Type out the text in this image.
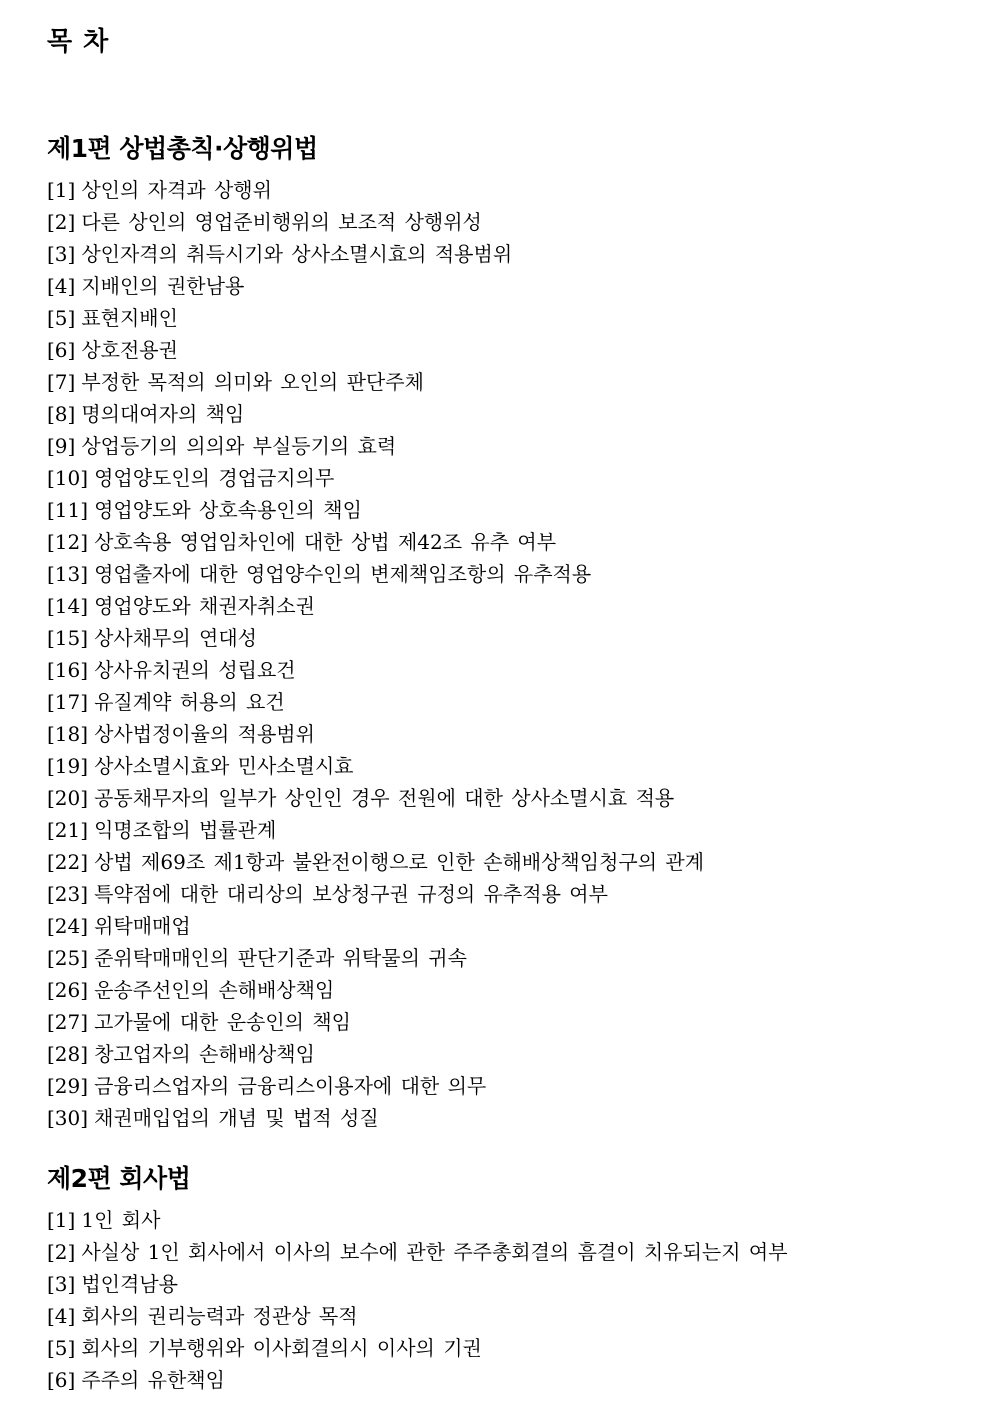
목 차
제1편 상법총칙·상행위법
[1] 상인의 자격과 상행위
[2] 다른 상인의 영업준비행위의 보조적 상행위성
[3] 상인자격의 취득시기와 상사소멸시효의 적용범위
[4] 지배인의 권한남용
[5] 표현지배인
[6] 상호전용권
[7] 부정한 목적의 의미와 오인의 판단주체
[8] 명의대여자의 책임
[9] 상업등기의 의의와 부실등기의 효력
[10] 영업양도인의 경업금지의무
[11] 영업양도와 상호속용인의 책임
[12] 상호속용 영업임차인에 대한 상법 제42조 유추 여부
[13] 영업출자에 대한 영업양수인의 변제책임조항의 유추적용
[14] 영업양도와 채권자취소권
[15] 상사채무의 연대성
[16] 상사유치권의 성립요건
[17] 유질계약 허용의 요건
[18] 상사법정이율의 적용범위
[19] 상사소멸시효와 민사소멸시효
[20] 공동채무자의 일부가 상인인 경우 전원에 대한 상사소멸시효 적용
[21] 익명조합의 법률관계
[22] 상법 제69조 제1항과 불완전이행으로 인한 손해배상책임청구의 관계
[23] 특약점에 대한 대리상의 보상청구권 규정의 유추적용 여부
[24] 위탁매매업
[25] 준위탁매매인의 판단기준과 위탁물의 귀속
[26] 운송주선인의 손해배상책임
[27] 고가물에 대한 운송인의 책임
[28] 창고업자의 손해배상책임
[29] 금융리스업자의 금융리스이용자에 대한 의무
[30] 채권매입업의 개념 및 법적 성질
제2편 회사법
[1] 1인 회사
[2] 사실상 1인 회사에서 이사의 보수에 관한 주주총회결의 흠결이 치유되는지 여부
[3] 법인격남용
[4] 회사의 권리능력과 정관상 목적
[5] 회사의 기부행위와 이사회결의시 이사의 기권
[6] 주주의 유한책임
